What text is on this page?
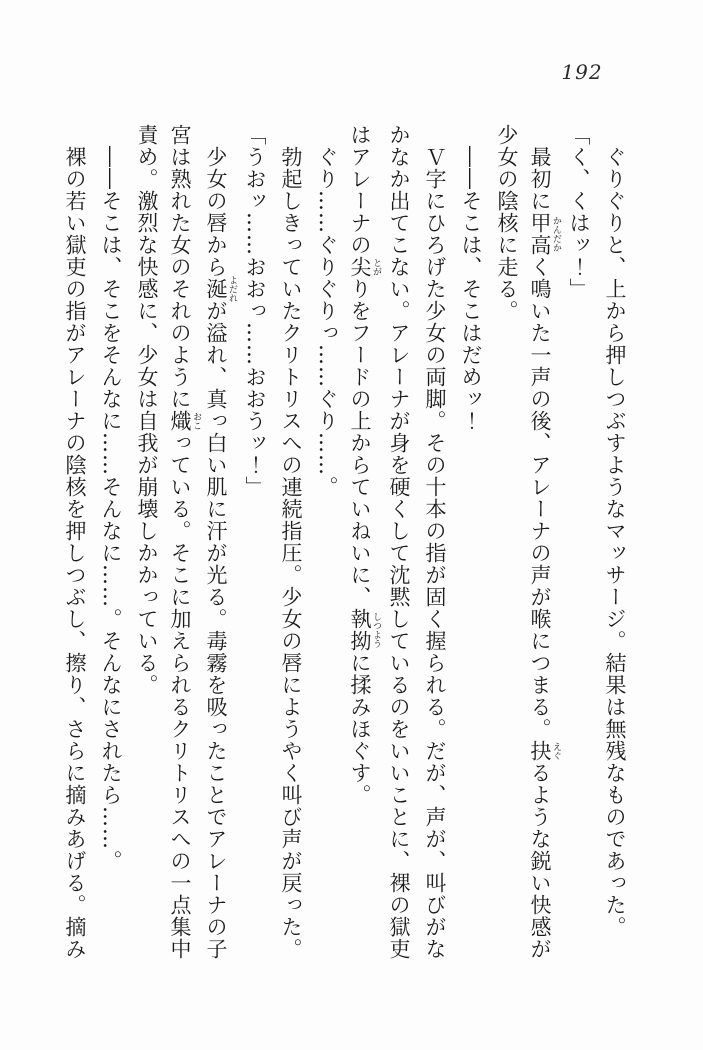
192
ぐりぐりと、上から押しつぶすようなマッサージ。結果は無残なものであった。
「く、くはッ！」
最初に甲高 かんだかく鳴いた一声の後、アレーナの声が喉につまる。抉 えぐるような鋭い快感が
少女の陰核に走る。
――そこは、そこはだめッ！
Ｖ字にひろげた少女の両脚。その十本の指が固く握られる。だが、声が、叫びがな
かなか出てこない。アレーナが身を硬くして沈黙しているのをいいことに、裸の獄吏
はアレーナの尖 とがりをフードの上からていねいに、執拗 しつように揉みほぐす。
ぐり……ぐりぐりっ……ぐり……。
勃起しきっていたクリトリスへの連続指圧。少女の唇にようやく叫び声が戻った。
「うおッ……おおっ……おおうッ！」
少女の唇から涎 よだれが溢れ、真っ白い肌に汗が光る。毒霧を吸ったことでアレーナの子
宮は熟れた女のそれのように熾 おこっている。そこに加えられるクリトリスへの一点集中
責め。激烈な快感に、少女は自我が崩壊しかかっている。
――そこは、そこをそんなに……そんなに……。そんなにされたら……。
裸の若い獄吏の指がアレーナの陰核を押しつぶし、擦り、さらに摘みあげる。摘み
